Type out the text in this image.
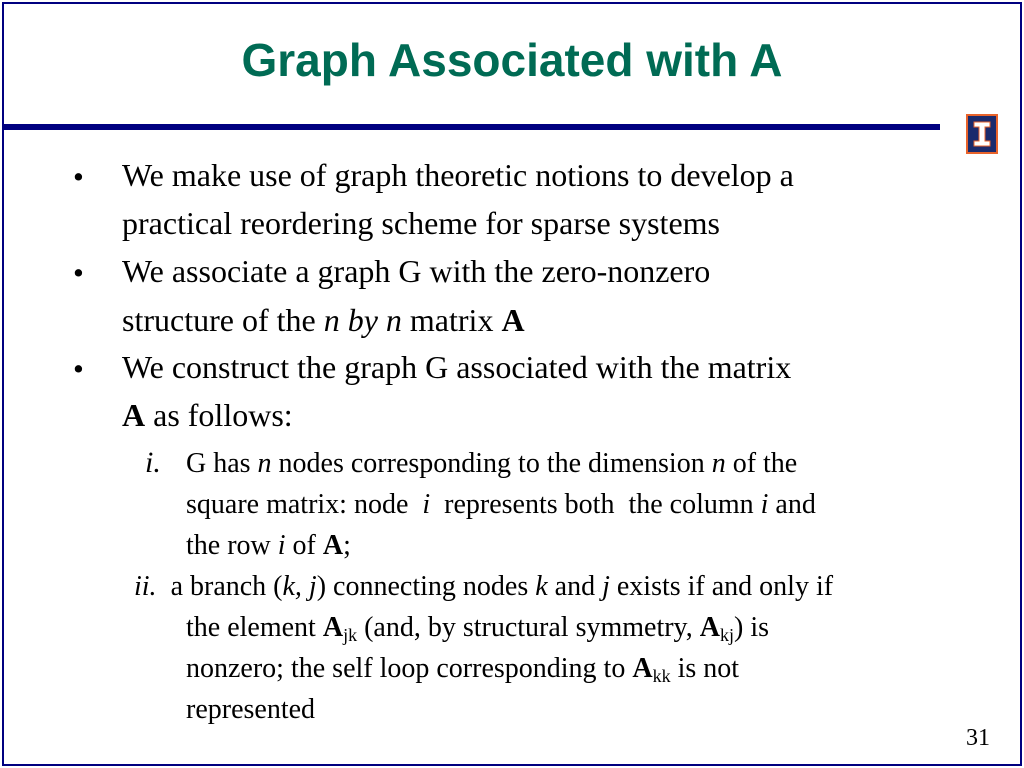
Graph Associated with A
• We make use of graph theoretic notions to develop a
practical reordering scheme for sparse systems
• We associate a graph G with the zero-nonzero
structure of the n by n matrix A
• We construct the graph G associated with the matrix
A as follows:
i. G has n nodes corresponding to the dimension n of the
square matrix: node  i  represents both  the column i and
the row i of A;
ii.  a branch (k, j) connecting nodes k and j exists if and only if
the element $A_{jk}$ (and, by structural symmetry, $A_{kj}$) is
nonzero; the self loop corresponding to $A_{kk}$ is not
represented
31
